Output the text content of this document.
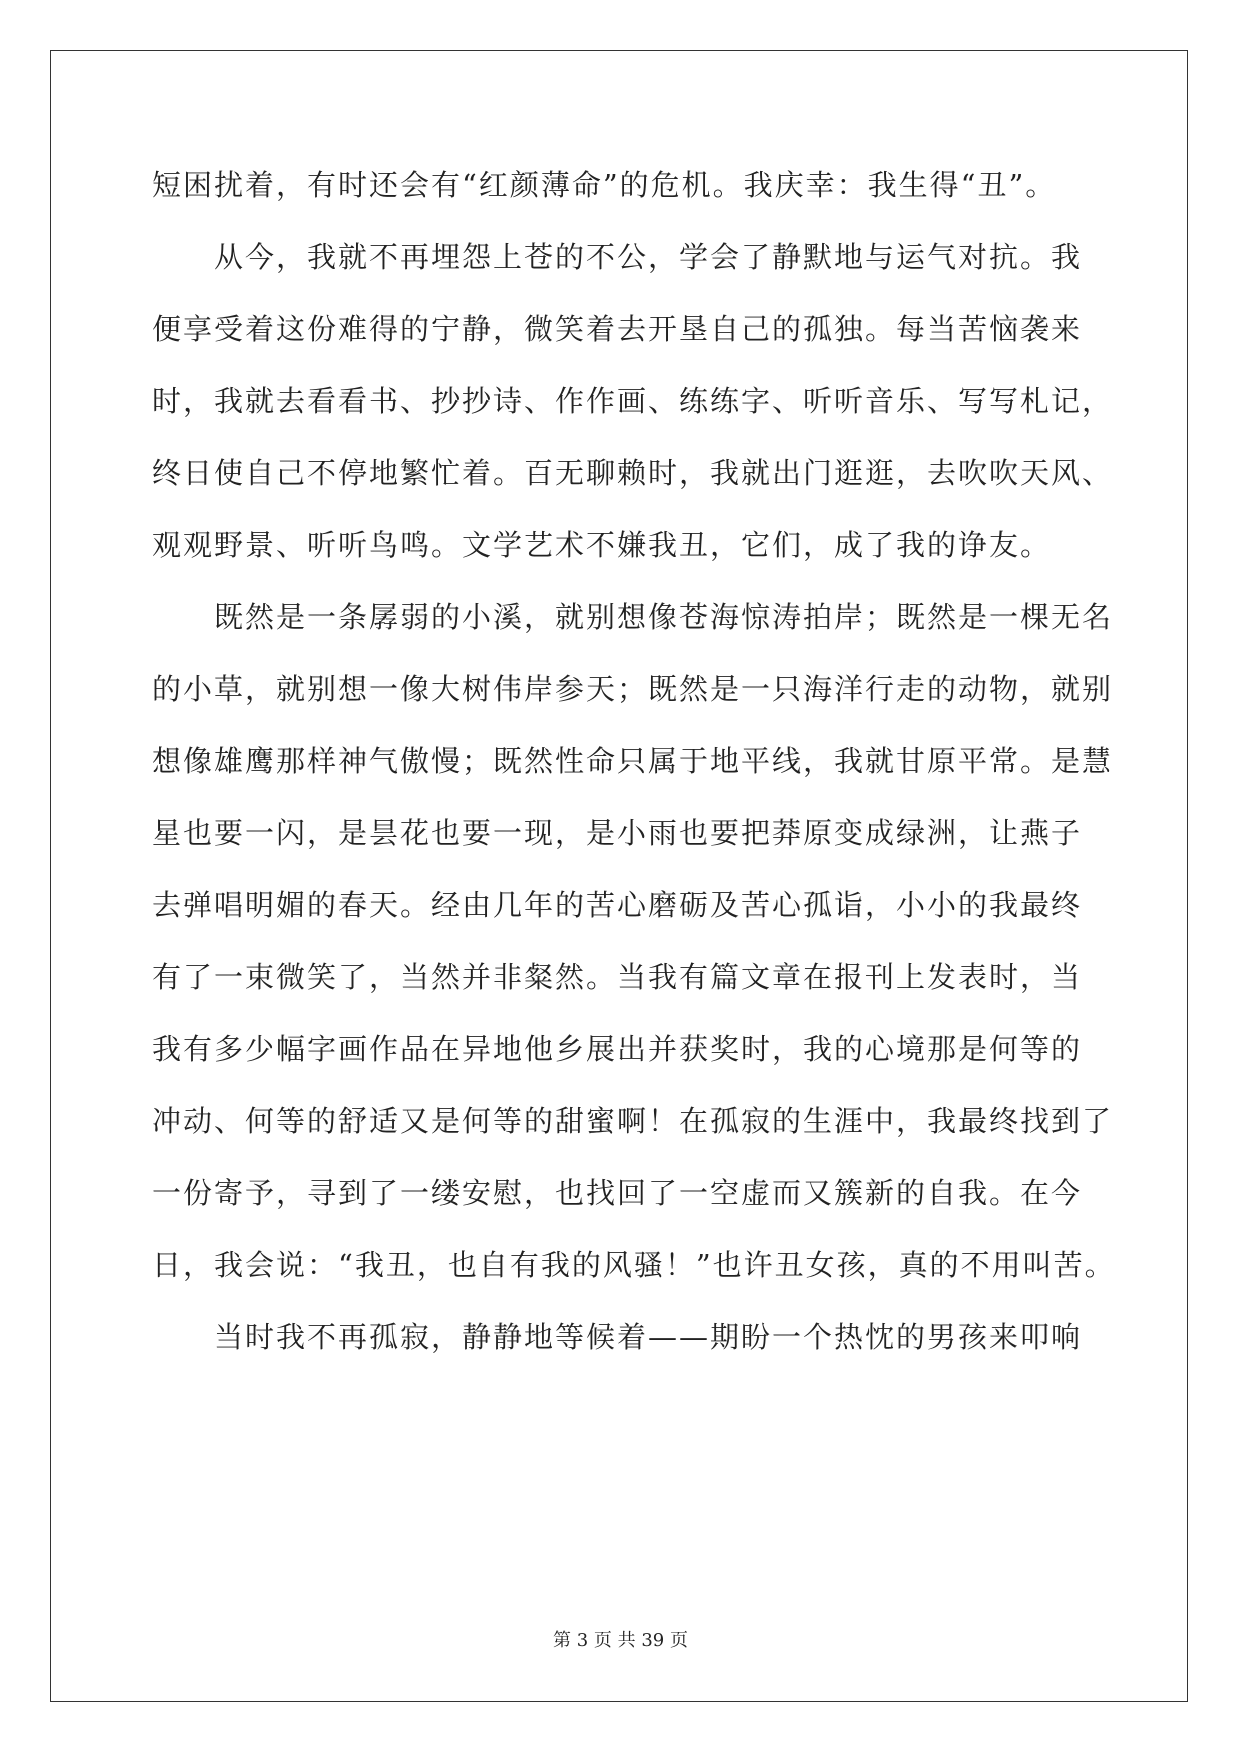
短困扰着，有时还会有“红颜薄命”的危机。我庆幸：我生得“丑”。
从今，我就不再埋怨上苍的不公，学会了静默地与运气对抗。我
便享受着这份难得的宁静，微笑着去开垦自己的孤独。每当苦恼袭来
时，我就去看看书、抄抄诗、作作画、练练字、听听音乐、写写札记，
终日使自己不停地繁忙着。百无聊赖时，我就出门逛逛，去吹吹天风、
观观野景、听听鸟鸣。文学艺术不嫌我丑，它们，成了我的诤友。
既然是一条孱弱的小溪，就别想像苍海惊涛拍岸；既然是一棵无名
的小草，就别想一像大树伟岸参天；既然是一只海洋行走的动物，就别
想像雄鹰那样神气傲慢；既然性命只属于地平线，我就甘原平常。是慧
星也要一闪，是昙花也要一现，是小雨也要把莽原变成绿洲，让燕子
去弹唱明媚的春天。经由几年的苦心磨砺及苦心孤诣，小小的我最终
有了一束微笑了，当然并非粲然。当我有篇文章在报刊上发表时，当
我有多少幅字画作品在异地他乡展出并获奖时，我的心境那是何等的
冲动、何等的舒适又是何等的甜蜜啊！在孤寂的生涯中，我最终找到了
一份寄予，寻到了一缕安慰，也找回了一空虚而又簇新的自我。在今
日，我会说：“我丑，也自有我的风骚！”也许丑女孩，真的不用叫苦。
当时我不再孤寂，静静地等候着——期盼一个热忱的男孩来叩响
第 3 页 共 39 页
